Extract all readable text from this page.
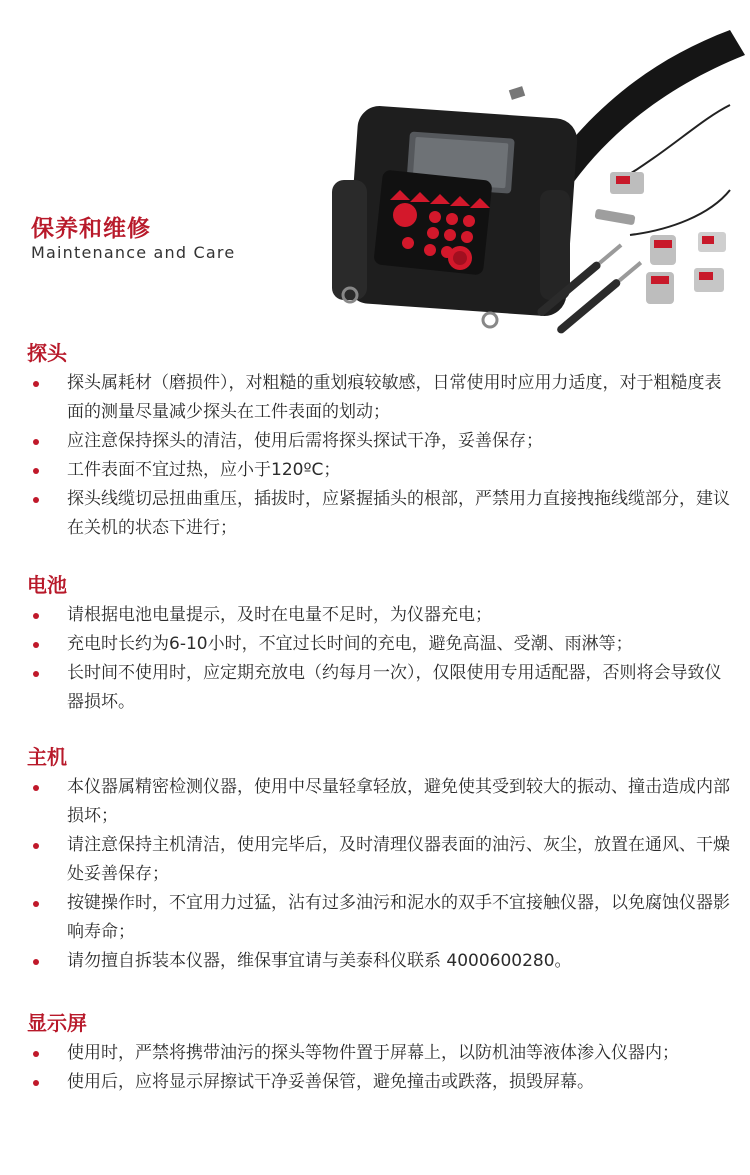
保养和维修
Maintenance and Care
探头
探头属耗材（磨损件），对粗糙的重划痕较敏感，日常使用时应用力适度，对于粗糙度表面的测量尽量减少探头在工件表面的划动；
应注意保持探头的清洁，使用后需将探头探试干净，妥善保存；
工件表面不宜过热，应小于120ºC；
探头线缆切忌扭曲重压，插拔时，应紧握插头的根部，严禁用力直接拽拖线缆部分，建议在关机的状态下进行；
电池
请根据电池电量提示，及时在电量不足时，为仪器充电；
充电时长约为6-10小时，不宜过长时间的充电，避免高温、受潮、雨淋等；
长时间不使用时，应定期充放电（约每月一次），仅限使用专用适配器，否则将会导致仪器损坏。
主机
本仪器属精密检测仪器，使用中尽量轻拿轻放，避免使其受到较大的振动、撞击造成内部损坏；
请注意保持主机清洁，使用完毕后，及时清理仪器表面的油污、灰尘，放置在通风、干燥处妥善保存；
按键操作时，不宜用力过猛，沾有过多油污和泥水的双手不宜接触仪器，以免腐蚀仪器影响寿命；
请勿擅自拆装本仪器，维保事宜请与美泰科仪联系 4000600280。
显示屏
使用时，严禁将携带油污的探头等物件置于屏幕上，以防机油等液体渗入仪器内；
使用后，应将显示屏擦试干净妥善保管，避免撞击或跌落，损毁屏幕。
